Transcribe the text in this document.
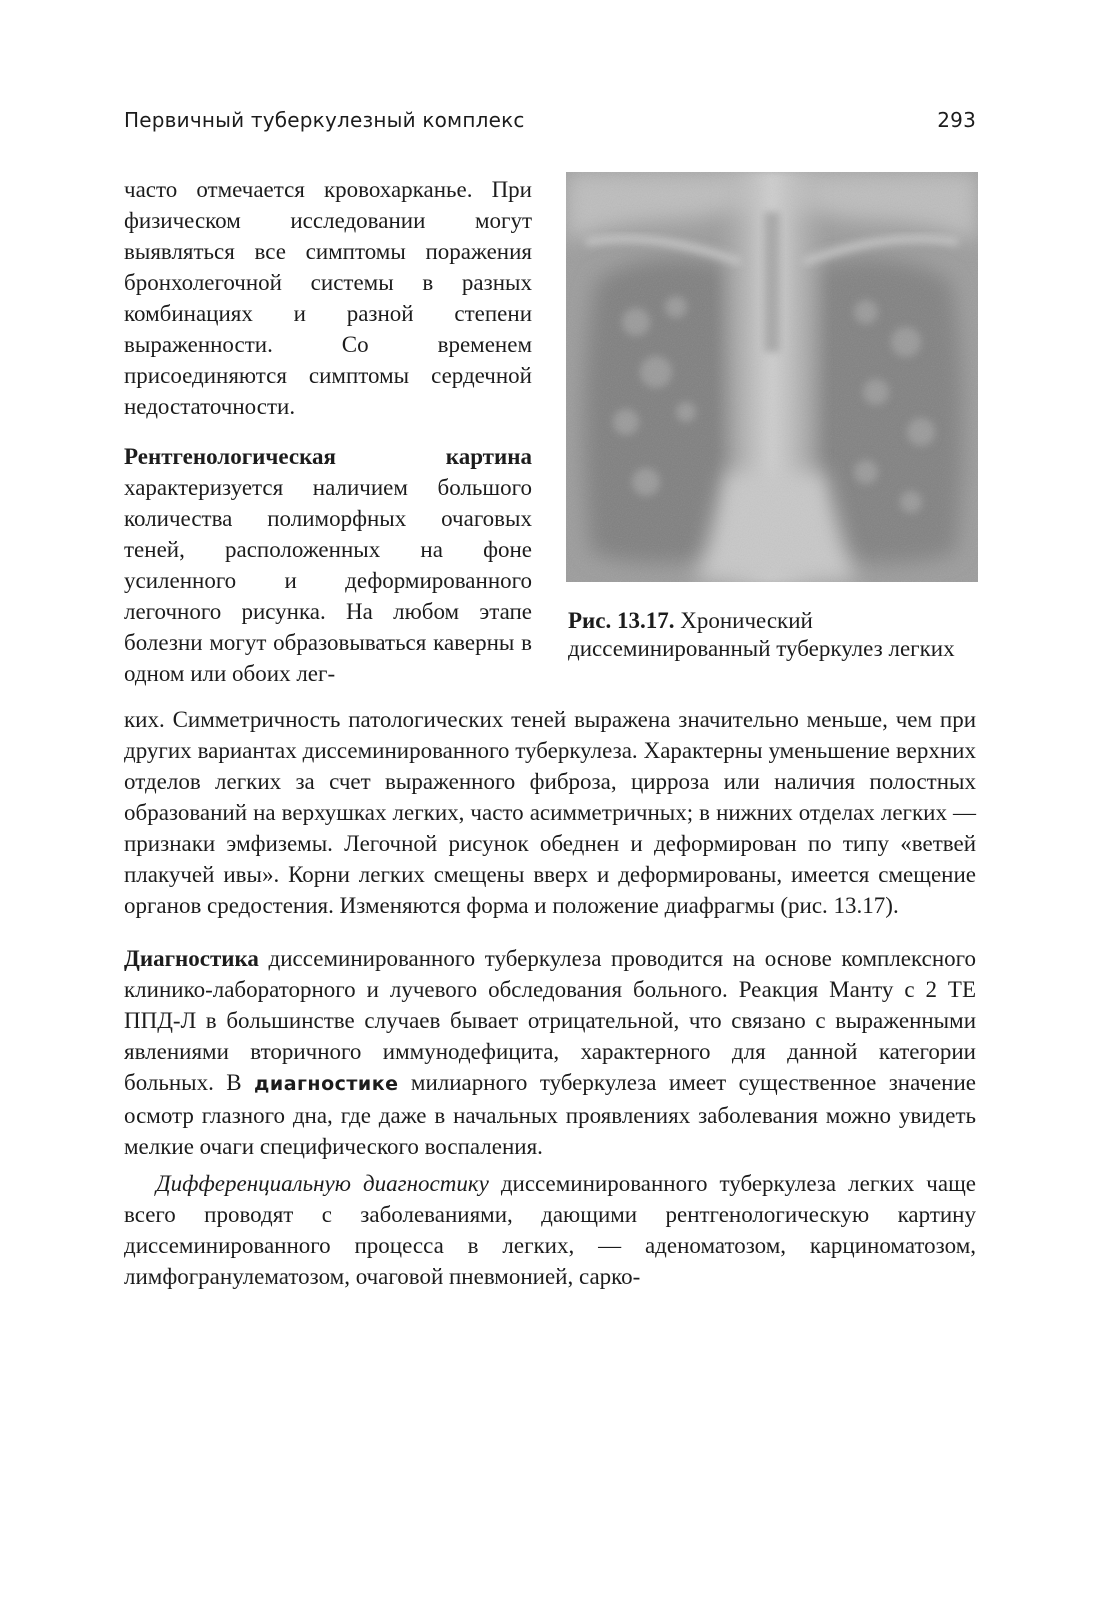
Первичный туберкулезный комплекс	293

часто отмечается кровохарканье. При физическом исследовании могут выявляться все симптомы поражения бронхолегочной системы в разных комбинациях и разной степени выраженности. Со временем присоединяются симптомы сердечной недостаточности.

Рентгенологическая картина характеризуется наличием большого количества полиморфных очаговых теней, расположенных на фоне усиленного и деформированного легочного рисунка. На любом этапе болезни могут образовываться каверны в одном или обоих лег-

Рис. 13.17. Хронический диссеминированный туберкулез легких

ких. Симметричность патологических теней выражена значительно меньше, чем при других вариантах диссеминированного туберкулеза. Характерны уменьшение верхних отделов легких за счет выраженного фиброза, цирроза или наличия полостных образований на верхушках легких, часто асимметричных; в нижних отделах легких — признаки эмфиземы. Легочной рисунок обеднен и деформирован по типу «ветвей плакучей ивы». Корни легких смещены вверх и деформированы, имеется смещение органов средостения. Изменяются форма и положение диафрагмы (рис. 13.17).

Диагностика диссеминированного туберкулеза проводится на основе комплексного клинико-лабораторного и лучевого обследования больного. Реакция Манту с 2 ТЕ ППД-Л в большинстве случаев бывает отрицательной, что связано с выраженными явлениями вторичного иммунодефицита, характерного для данной категории больных. В диагностике милиарного туберкулеза имеет существенное значение осмотр глазного дна, где даже в начальных проявлениях заболевания можно увидеть мелкие очаги специфического воспаления.

Дифференциальную диагностику диссеминированного туберкулеза легких чаще всего проводят с заболеваниями, дающими рентгенологическую картину диссеминированного процесса в легких, — аденоматозом, карциноматозом, лимфогранулематозом, очаговой пневмонией, сарко-
